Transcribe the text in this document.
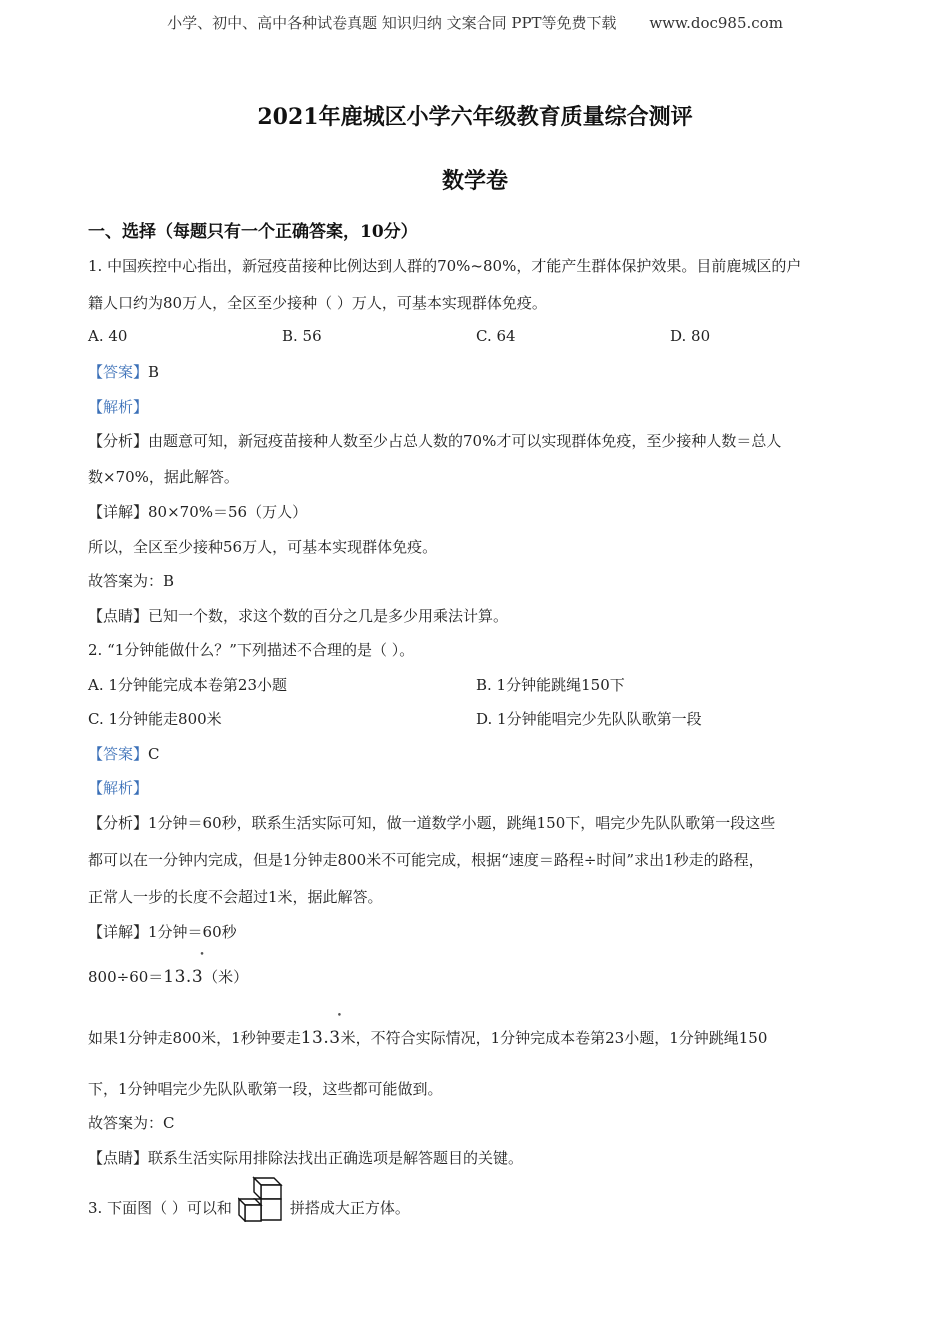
小学、初中、高中各种试卷真题 知识归纳 文案合同 PPT等免费下载 www.doc985.com
2021年鹿城区小学六年级教育质量综合测评
数学卷
一、选择（每题只有一个正确答案，10分）
1. 中国疾控中心指出，新冠疫苗接种比例达到人群的70%~80%，才能产生群体保护效果。目前鹿城区的户
籍人口约为80万人，全区至少接种（ ）万人，可基本实现群体免疫。
A. 40	B. 56	C. 64	D. 80
【答案】B
【解析】
【分析】由题意可知，新冠疫苗接种人数至少占总人数的70%才可以实现群体免疫，至少接种人数＝总人
数×70%，据此解答。
【详解】80×70%＝56（万人）
所以，全区至少接种56万人，可基本实现群体免疫。
故答案为：B
【点睛】已知一个数，求这个数的百分之几是多少用乘法计算。
2. “1分钟能做什么？”下列描述不合理的是（ ）。
A. 1分钟能完成本卷第23小题	B. 1分钟能跳绳150下
C. 1分钟能走800米	D. 1分钟能唱完少先队队歌第一段
【答案】C
【解析】
【分析】1分钟＝60秒，联系生活实际可知，做一道数学小题，跳绳150下，唱完少先队队歌第一段这些
都可以在一分钟内完成，但是1分钟走800米不可能完成，根据“速度＝路程÷时间”求出1秒走的路程，
正常人一步的长度不会超过1米，据此解答。
【详解】1分钟＝60秒
800÷60＝13.3
•
（米）
如果1分钟走800米，1秒钟要走13.3
•
米，不符合实际情况，1分钟完成本卷第23小题，1分钟跳绳150
下，1分钟唱完少先队队歌第一段，这些都可能做到。
故答案为：C
【点睛】联系生活实际用排除法找出正确选项是解答题目的关键。
3. 下面图（ ）可以和	拼搭成大正方体。
